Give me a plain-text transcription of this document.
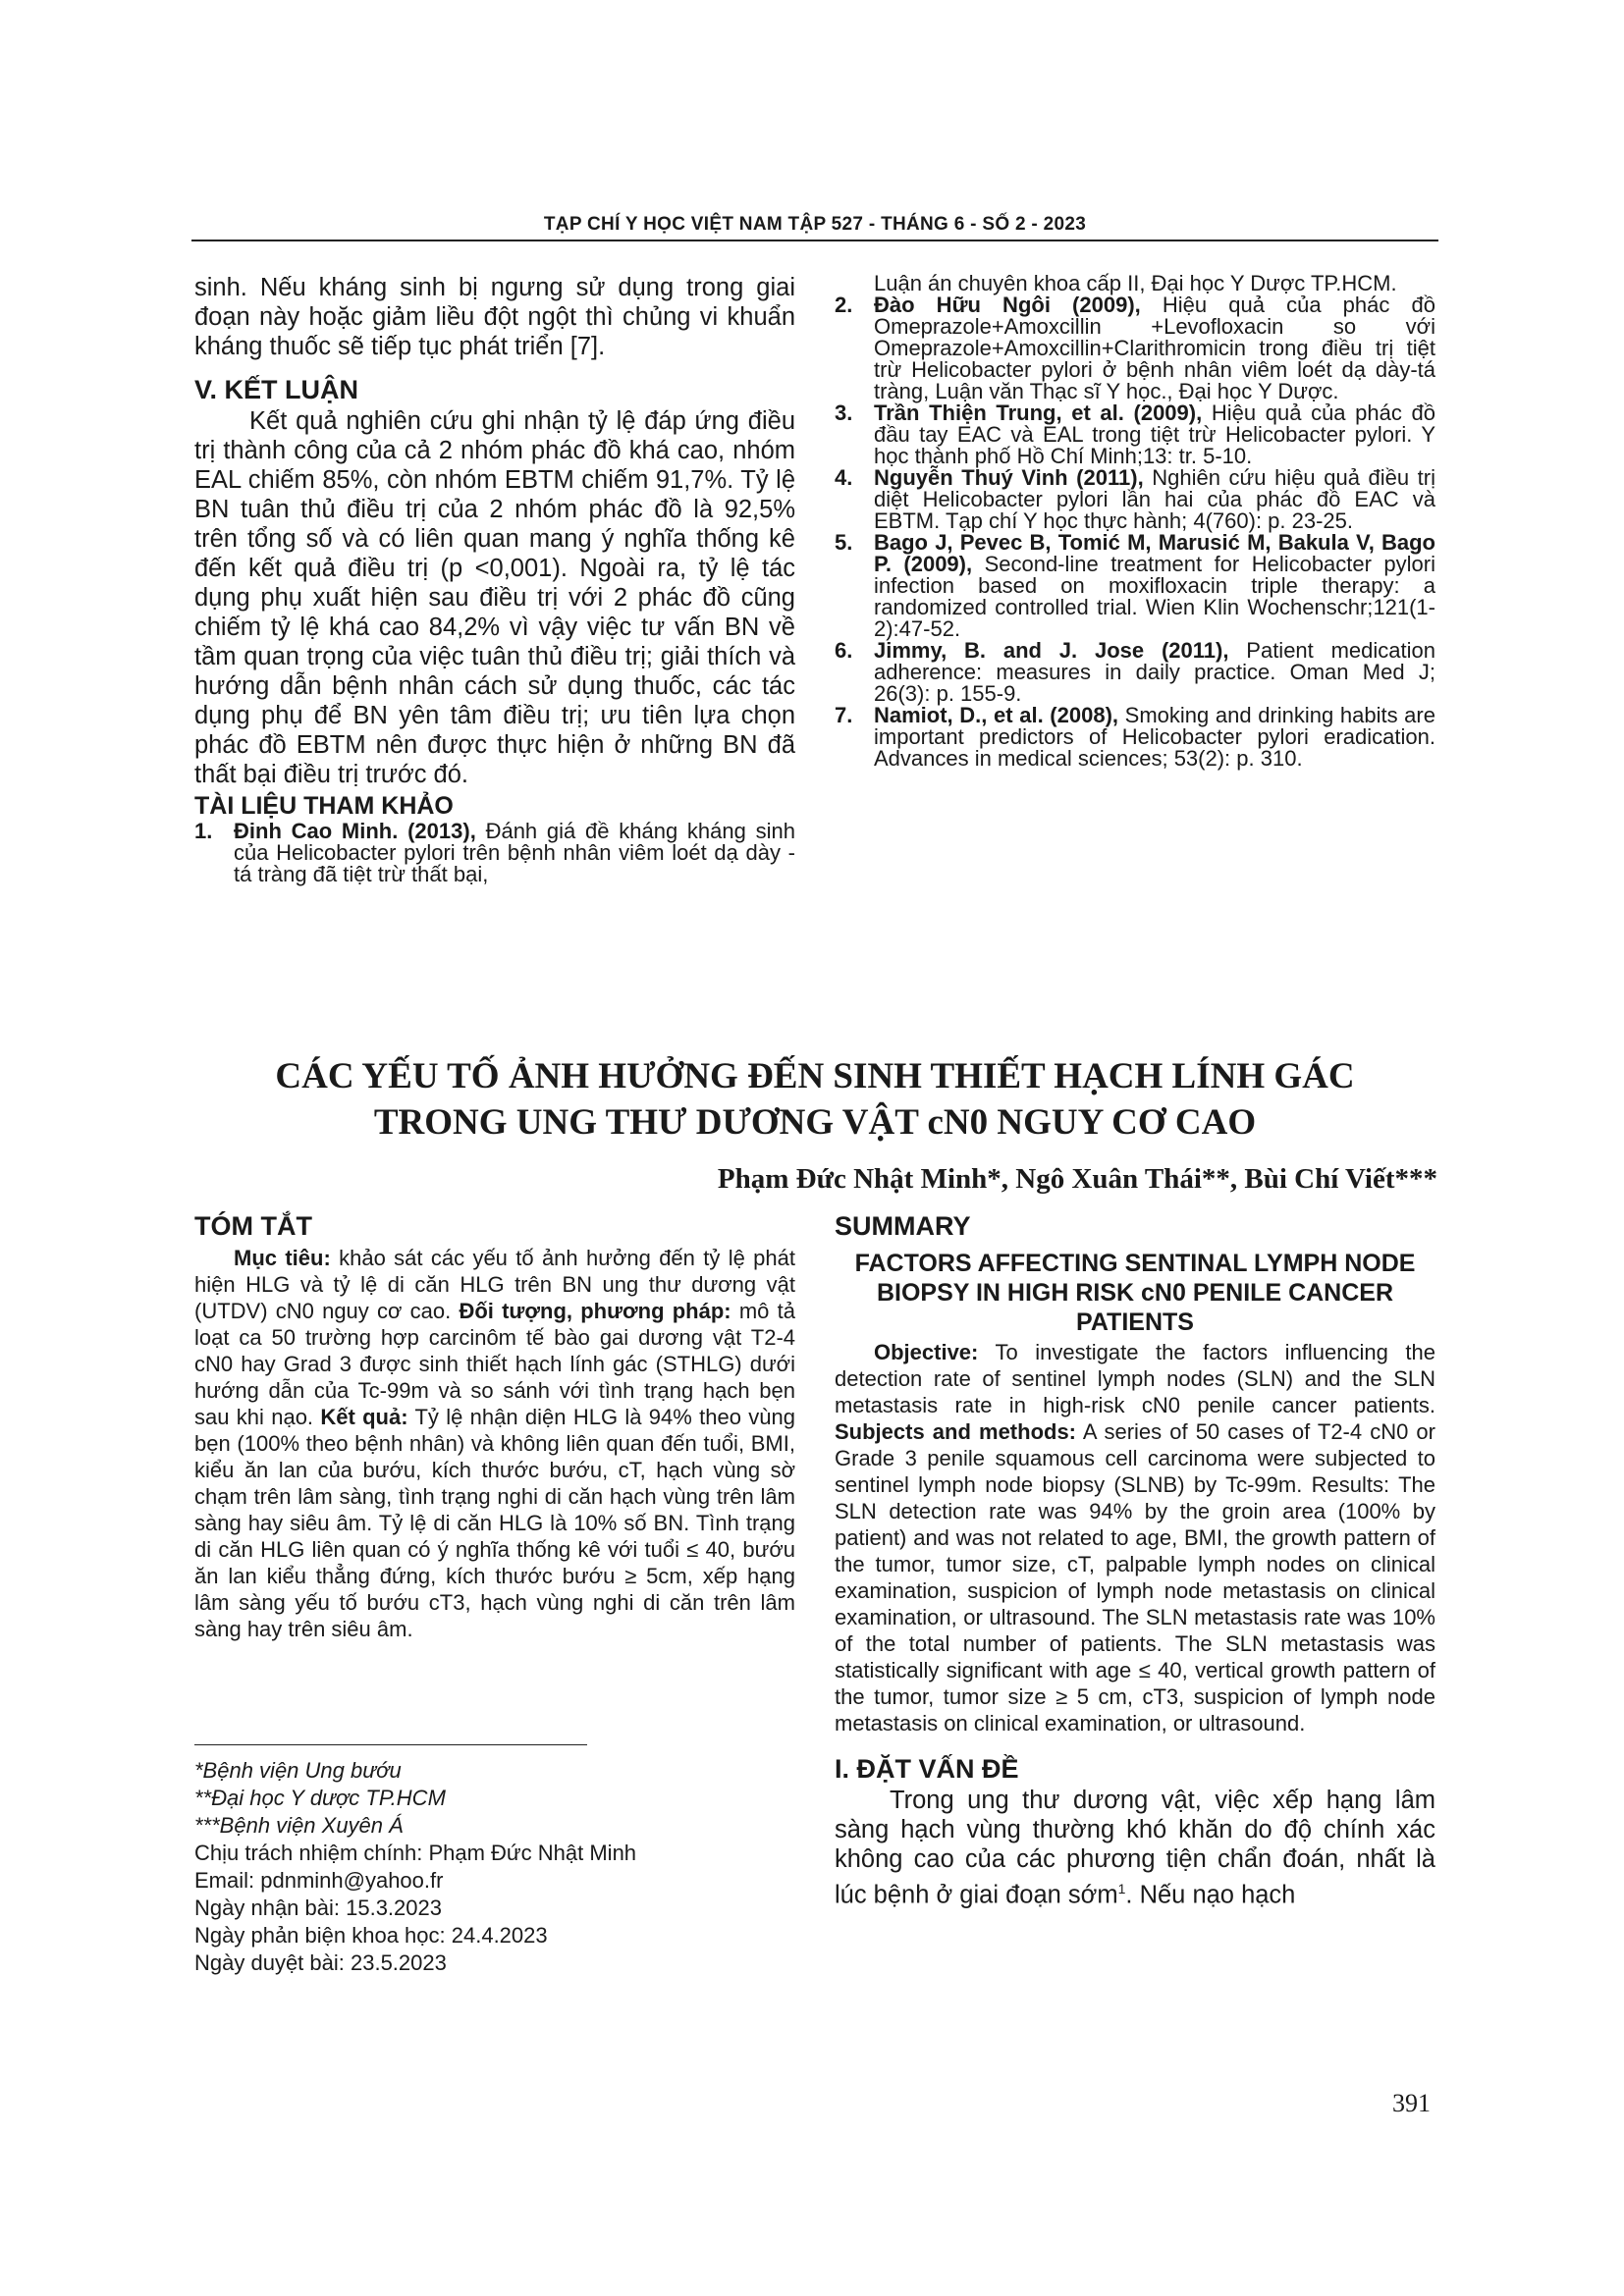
TẠP CHÍ Y HỌC VIỆT NAM TẬP 527 - THÁNG 6 - SỐ 2 - 2023

sinh. Nếu kháng sinh bị ngưng sử dụng trong giai đoạn này hoặc giảm liều đột ngột thì chủng vi khuẩn kháng thuốc sẽ tiếp tục phát triển [7].

V. KẾT LUẬN

Kết quả nghiên cứu ghi nhận tỷ lệ đáp ứng điều trị thành công của cả 2 nhóm phác đồ khá cao, nhóm EAL chiếm 85%, còn nhóm EBTM chiếm 91,7%. Tỷ lệ BN tuân thủ điều trị của 2 nhóm phác đồ là 92,5% trên tổng số và có liên quan mang ý nghĩa thống kê đến kết quả điều trị (p <0,001). Ngoài ra, tỷ lệ tác dụng phụ xuất hiện sau điều trị với 2 phác đồ cũng chiếm tỷ lệ khá cao 84,2% vì vậy việc tư vấn BN về tầm quan trọng của việc tuân thủ điều trị; giải thích và hướng dẫn bệnh nhân cách sử dụng thuốc, các tác dụng phụ để BN yên tâm điều trị; ưu tiên lựa chọn phác đồ EBTM nên được thực hiện ở những BN đã thất bại điều trị trước đó.

TÀI LIỆU THAM KHẢO

1. Đinh Cao Minh. (2013), Đánh giá đề kháng kháng sinh của Helicobacter pylori trên bệnh nhân viêm loét dạ dày - tá tràng đã tiệt trừ thất bại,
Luận án chuyên khoa cấp II, Đại học Y Dược TP.HCM.
2. Đào Hữu Ngôi (2009), Hiệu quả của phác đồ Omeprazole+Amoxcillin +Levofloxacin so với Omeprazole+Amoxcillin+Clarithromicin trong điều trị tiệt trừ Helicobacter pylori ở bệnh nhân viêm loét dạ dày-tá tràng, Luận văn Thạc sĩ Y học., Đại học Y Dược.
3. Trần Thiện Trung, et al. (2009), Hiệu quả của phác đồ đầu tay EAC và EAL trong tiệt trừ Helicobacter pylori. Y học thành phố Hồ Chí Minh;13: tr. 5-10.
4. Nguyễn Thuý Vinh (2011), Nghiên cứu hiệu quả điều trị diệt Helicobacter pylori lần hai của phác đồ EAC và EBTM. Tạp chí Y học thực hành; 4(760): p. 23-25.
5. Bago J, Pevec B, Tomić M, Marusić M, Bakula V, Bago P. (2009), Second-line treatment for Helicobacter pylori infection based on moxifloxacin triple therapy: a randomized controlled trial. Wien Klin Wochenschr;121(1-2):47-52.
6. Jimmy, B. and J. Jose (2011), Patient medication adherence: measures in daily practice. Oman Med J; 26(3): p. 155-9.
7. Namiot, D., et al. (2008), Smoking and drinking habits are important predictors of Helicobacter pylori eradication. Advances in medical sciences; 53(2): p. 310.
CÁC YẾU TỐ ẢNH HƯỞNG ĐẾN SINH THIẾT HẠCH LÍNH GÁC
TRONG UNG THƯ DƯƠNG VẬT cN0 NGUY CƠ CAO
Phạm Đức Nhật Minh*, Ngô Xuân Thái**, Bùi Chí Viết***

TÓM TẮT

Mục tiêu: khảo sát các yếu tố ảnh hưởng đến tỷ lệ phát hiện HLG và tỷ lệ di căn HLG trên BN ung thư dương vật (UTDV) cN0 nguy cơ cao. Đối tượng, phương pháp: mô tả loạt ca 50 trường hợp carcinôm tế bào gai dương vật T2-4 cN0 hay Grad 3 được sinh thiết hạch lính gác (STHLG) dưới hướng dẫn của Tc-99m và so sánh với tình trạng hạch bẹn sau khi nạo. Kết quả: Tỷ lệ nhận diện HLG là 94% theo vùng bẹn (100% theo bệnh nhân) và không liên quan đến tuổi, BMI, kiểu ăn lan của bướu, kích thước bướu, cT, hạch vùng sờ chạm trên lâm sàng, tình trạng nghi di căn hạch vùng trên lâm sàng hay siêu âm. Tỷ lệ di căn HLG là 10% số BN. Tình trạng di căn HLG liên quan có ý nghĩa thống kê với tuổi ≤ 40, bướu ăn lan kiểu thẳng đứng, kích thước bướu ≥ 5cm, xếp hạng lâm sàng yếu tố bướu cT3, hạch vùng nghi di căn trên lâm sàng hay trên siêu âm.

*Bệnh viện Ung bướu
**Đại học Y dược TP.HCM
***Bệnh viện Xuyên Á
Chịu trách nhiệm chính: Phạm Đức Nhật Minh
Email: pdnminh@yahoo.fr
Ngày nhận bài: 15.3.2023
Ngày phản biện khoa học: 24.4.2023
Ngày duyệt bài: 23.5.2023

SUMMARY

FACTORS AFFECTING SENTINAL LYMPH NODE BIOPSY IN HIGH RISK cN0 PENILE CANCER PATIENTS

Objective: To investigate the factors influencing the detection rate of sentinel lymph nodes (SLN) and the SLN metastasis rate in high-risk cN0 penile cancer patients. Subjects and methods: A series of 50 cases of T2-4 cN0 or Grade 3 penile squamous cell carcinoma were subjected to sentinel lymph node biopsy (SLNB) by Tc-99m. Results: The SLN detection rate was 94% by the groin area (100% by patient) and was not related to age, BMI, the growth pattern of the tumor, tumor size, cT, palpable lymph nodes on clinical examination, suspicion of lymph node metastasis on clinical examination, or ultrasound. The SLN metastasis rate was 10% of the total number of patients. The SLN metastasis was statistically significant with age ≤ 40, vertical growth pattern of the tumor, tumor size ≥ 5 cm, cT3, suspicion of lymph node metastasis on clinical examination, or ultrasound.

I. ĐẶT VẤN ĐỀ

Trong ung thư dương vật, việc xếp hạng lâm sàng hạch vùng thường khó khăn do độ chính xác không cao của các phương tiện chẩn đoán, nhất là lúc bệnh ở giai đoạn sớm$^1$. Nếu nạo hạch

391
